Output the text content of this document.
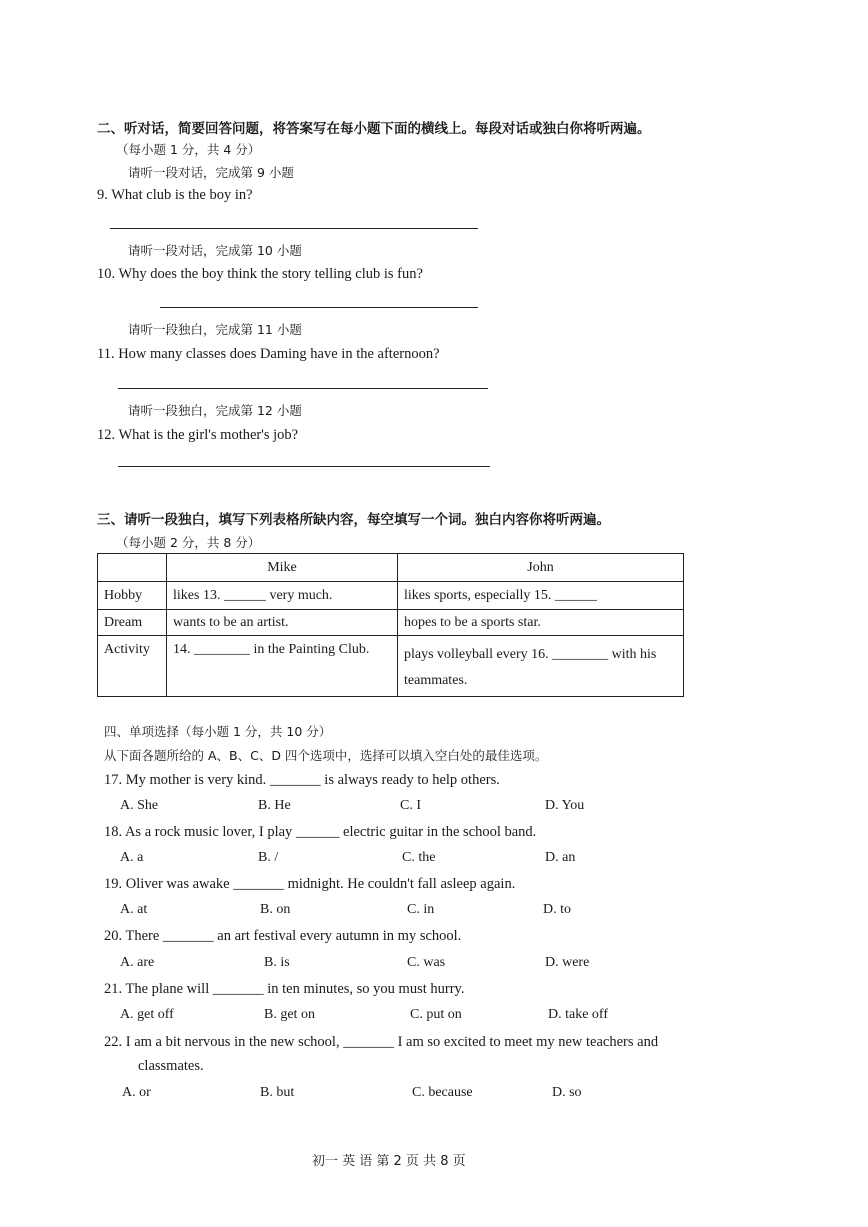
二、听对话，简要回答问题，将答案写在每小题下面的横线上。每段对话或独白你将听两遍。
（每小题 1 分，共 4 分）
请听一段对话，完成第 9 小题
9. What club is the boy in?
请听一段对话，完成第 10 小题
10. Why does the boy think the story telling club is fun?
请听一段独白，完成第 11 小题
11. How many classes does Daming have in the afternoon?
请听一段独白，完成第 12 小题
12. What is the girl's mother's job?
三、请听一段独白，填写下列表格所缺内容，每空填写一个词。独白内容你将听两遍。
（每小题 2 分，共 8 分）
	Mike	John
Hobby	likes 13. ______ very much.	likes sports, especially 15. ______
Dream	wants to be an artist.	hopes to be a sports star.
Activity	14. ________ in the Painting Club.	plays volleyball every 16. ________ with his teammates.
四、单项选择（每小题 1 分，共 10 分）
从下面各题所给的 A、B、C、D 四个选项中，选择可以填入空白处的最佳选项。
17. My mother is very kind. _______ is always ready to help others.
A. She	B. He	C. I	D. You
18. As a rock music lover, I play ______ electric guitar in the school band.
A. a	B. /	C. the	D. an
19. Oliver was awake _______ midnight. He couldn't fall asleep again.
A. at	B. on	C. in	D. to
20. There _______ an art festival every autumn in my school.
A. are	B. is	C. was	D. were
21. The plane will _______ in ten minutes, so you must hurry.
A. get off	B. get on	C. put on	D. take off
22. I am a bit nervous in the new school, _______ I am so excited to meet my new teachers and
classmates.
A. or	B. but	C. because	D. so
初一 英 语 第 2 页 共 8 页
